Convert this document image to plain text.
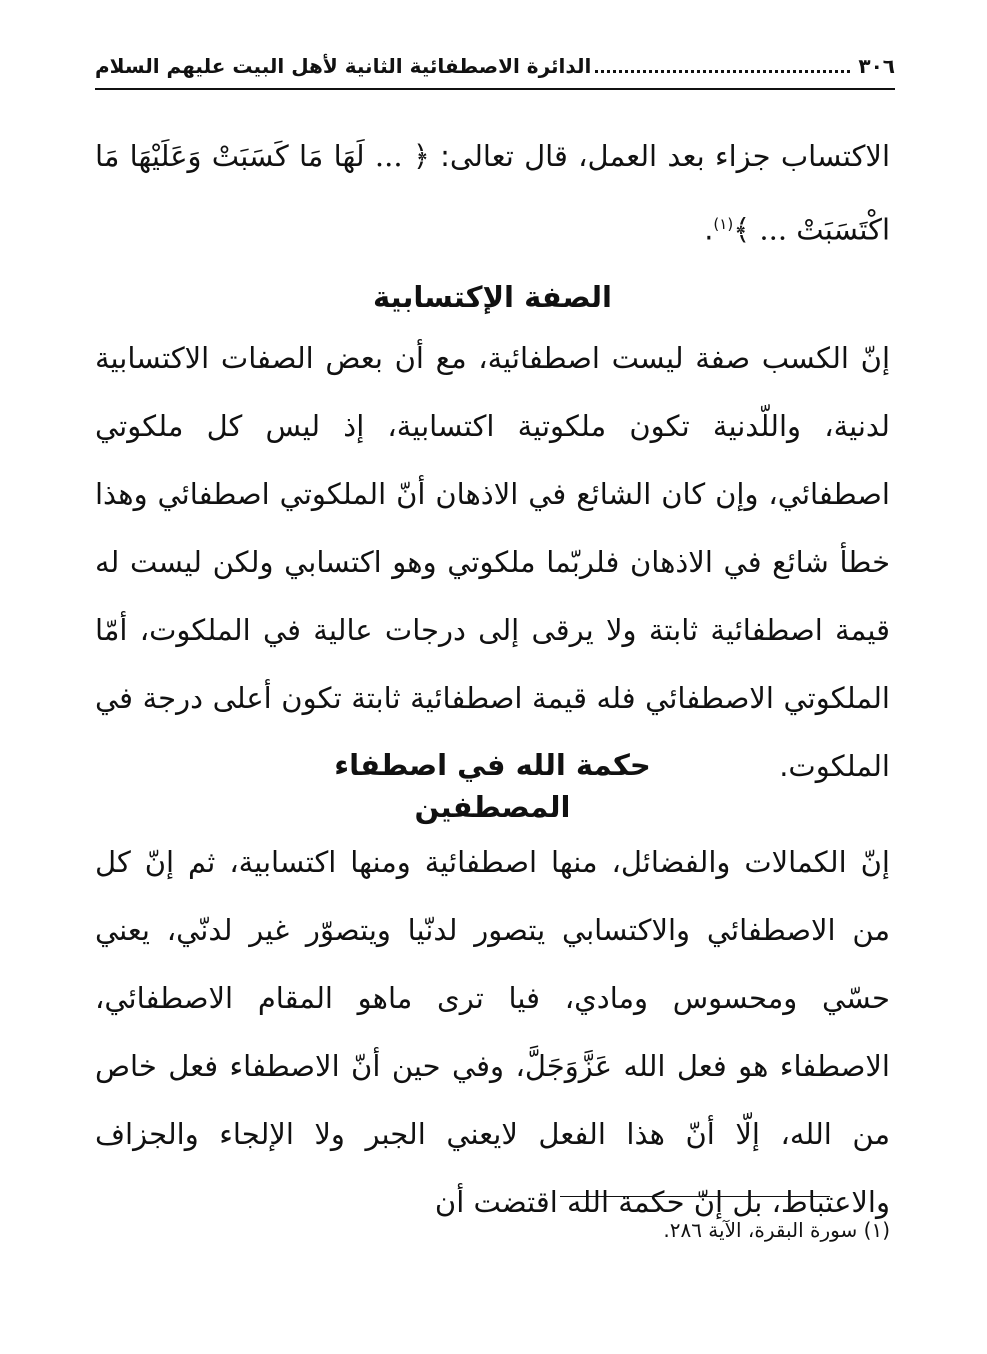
٣٠٦
الدائرة الاصطفائية الثانية لأهل البيت عليهم السلام

الاكتساب جزاء بعد العمل، قال تعالى: ﴿ ... لَهَا مَا كَسَبَتْ وَعَلَيْهَا مَا اكْتَسَبَتْ ... ﴾$^{(١)}$.

الصفة الإكتسابية

إنّ الكسب صفة ليست اصطفائية، مع أن بعض الصفات الاكتسابية لدنية، واللّدنية تكون ملكوتية اكتسابية، إذ ليس كل ملكوتي اصطفائي، وإن كان الشائع في الاذهان أنّ الملكوتي اصطفائي وهذا خطأ شائع في الاذهان فلربّما ملكوتي وهو اكتسابي ولكن ليست له قيمة اصطفائية ثابتة ولا يرقى إلى درجات عالية في الملكوت، أمّا الملكوتي الاصطفائي فله قيمة اصطفائية ثابتة تكون أعلى درجة في الملكوت.

حكمة الله في اصطفاء
المصطفين

إنّ الكمالات والفضائل، منها اصطفائية ومنها اكتسابية، ثم إنّ كل من الاصطفائي والاكتسابي يتصور لدنّيا ويتصوّر غير لدنّي، يعني حسّي ومحسوس ومادي، فيا ترى ماهو المقام الاصطفائي، الاصطفاء هو فعل الله عَزَّوَجَلَّ، وفي حين أنّ الاصطفاء فعل خاص من الله، إلّا أنّ هذا الفعل لايعني الجبر ولا الإلجاء والجزاف والاعتباط، بل إنّ حكمة الله اقتضت أن

(١) سورة البقرة، الآية ٢٨٦.
